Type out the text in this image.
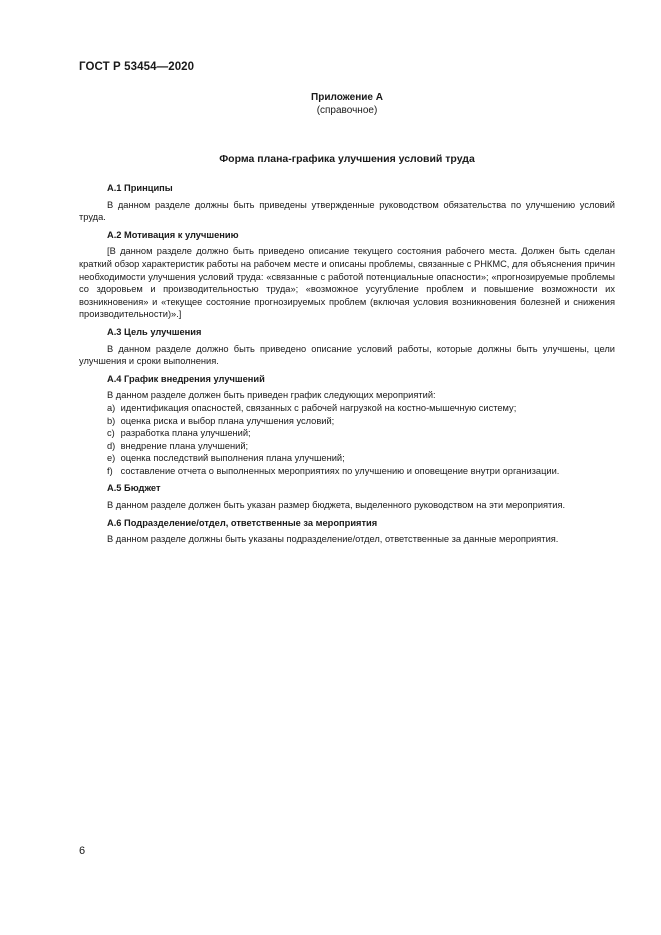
ГОСТ Р 53454—2020
Приложение А
(справочное)
Форма плана-графика улучшения условий труда
А.1 Принципы

В данном разделе должны быть приведены утвержденные руководством обязательства по улучшению условий труда.

А.2 Мотивация к улучшению

[В данном разделе должно быть приведено описание текущего состояния рабочего места. Должен быть сделан краткий обзор характеристик работы на рабочем месте и описаны проблемы, связанные с РНКМС, для объяснения причин необходимости улучшения условий труда: «связанные с работой потенциальные опасности»; «прогнозируемые проблемы со здоровьем и производительностью труда»; «возможное усугубление проблем и повышение возможности их возникновения» и «текущее состояние прогнозируемых проблем (включая условия возникновения болезней и снижения производительности)».]

А.3 Цель улучшения

В данном разделе должно быть приведено описание условий работы, которые должны быть улучшены, цели улучшения и сроки выполнения.

А.4 График внедрения улучшений

В данном разделе должен быть приведен график следующих мероприятий:

a) идентификация опасностей, связанных с рабочей нагрузкой на костно-мышечную систему;
b) оценка риска и выбор плана улучшения условий;
c) разработка плана улучшений;
d) внедрение плана улучшений;
e) оценка последствий выполнения плана улучшений;
f) составление отчета о выполненных мероприятиях по улучшению и оповещение внутри организации.
А.5 Бюджет

В данном разделе должен быть указан размер бюджета, выделенного руководством на эти мероприятия.

А.6 Подразделение/отдел, ответственные за мероприятия

В данном разделе должны быть указаны подразделение/отдел, ответственные за данные мероприятия.

6
